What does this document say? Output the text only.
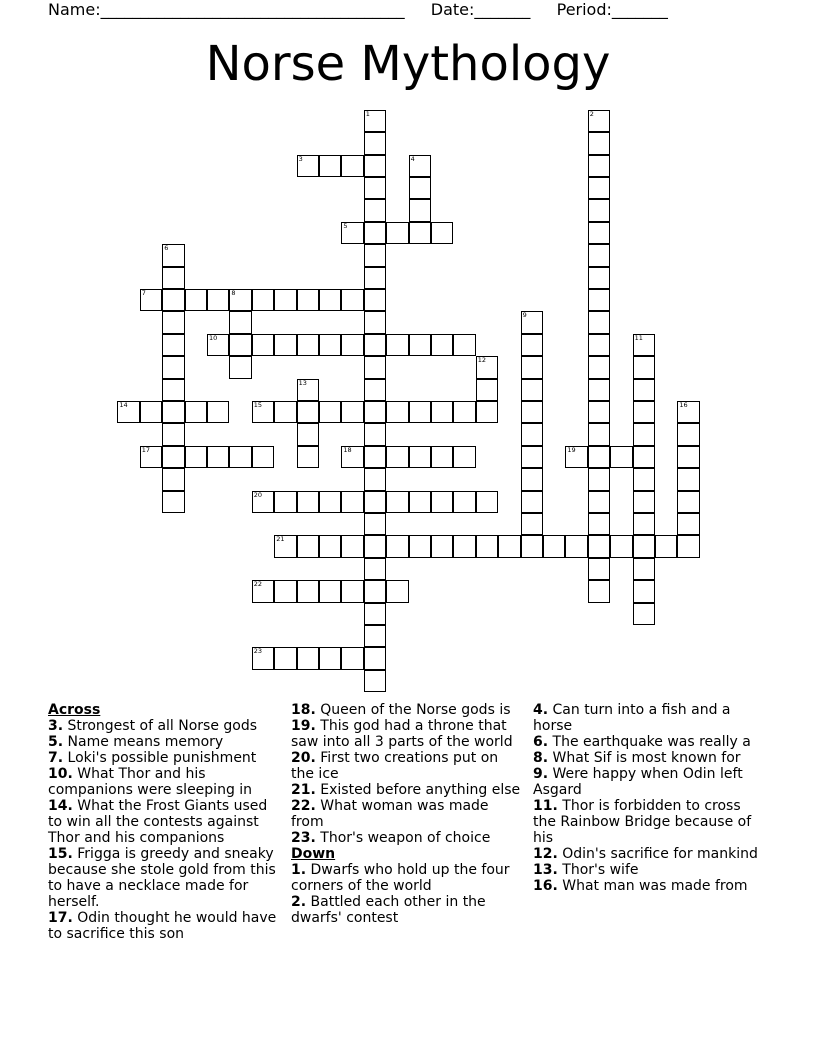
Name:______________________________________ Date:_______ Period:_______
Norse Mythology
1	2
3	4
5
6
7	8
9
10	11
12
13
14	15	16
17	18	19
20
21
22
23
Across
3. Strongest of all Norse gods
5. Name means memory
7. Loki's possible punishment
10. What Thor and his companions were sleeping in
14. What the Frost Giants used to win all the contests against Thor and his companions
15. Frigga is greedy and sneaky because she stole gold from this to have a necklace made for herself.
17. Odin thought he would have to sacrifice this son
18. Queen of the Norse gods is
19. This god had a throne that saw into all 3 parts of the world
20. First two creations put on the ice
21. Existed before anything else
22. What woman was made from
23. Thor's weapon of choice
Down
1. Dwarfs who hold up the four corners of the world
2. Battled each other in the dwarfs' contest
4. Can turn into a fish and a horse
6. The earthquake was really a
8. What Sif is most known for
9. Were happy when Odin left Asgard
11. Thor is forbidden to cross the Rainbow Bridge because of his
12. Odin's sacrifice for mankind
13. Thor's wife
16. What man was made from
